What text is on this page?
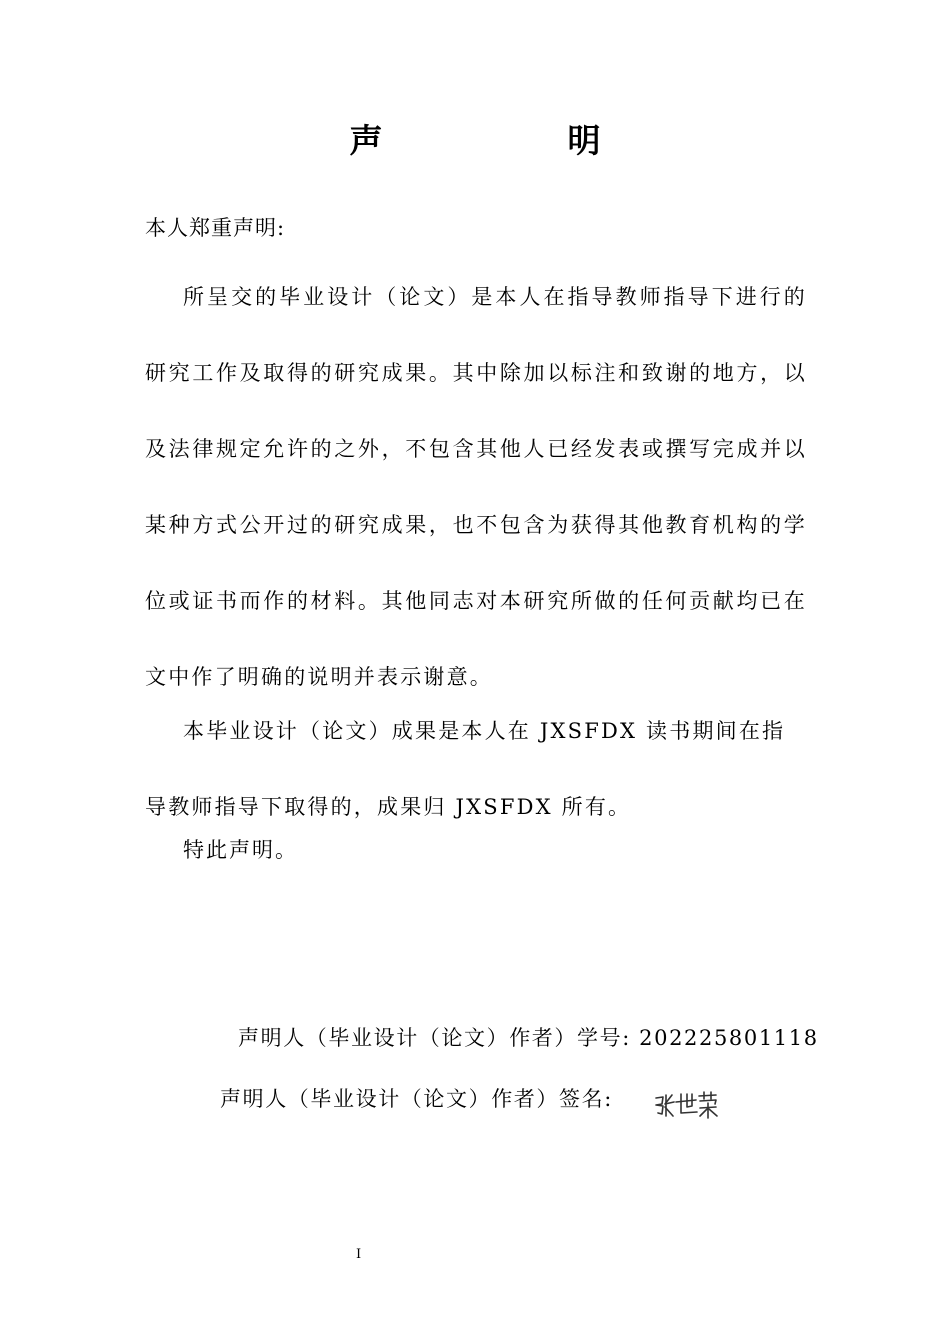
声　明
本人郑重声明:

所呈交的毕业设计（论文）是本人在指导教师指导下进行的研究工作及取得的研究成果。其中除加以标注和致谢的地方，以及法律规定允许的之外，不包含其他人已经发表或撰写完成并以某种方式公开过的研究成果，也不包含为获得其他教育机构的学位或证书而作的材料。其他同志对本研究所做的任何贡献均已在文中作了明确的说明并表示谢意。

本毕业设计（论文）成果是本人在 JXSFDX 读书期间在指导教师指导下取得的，成果归 JXSFDX 所有。

特此声明。

声明人（毕业设计（论文）作者）学号: 202225801118
声明人（毕业设计（论文）作者）签名:
I
